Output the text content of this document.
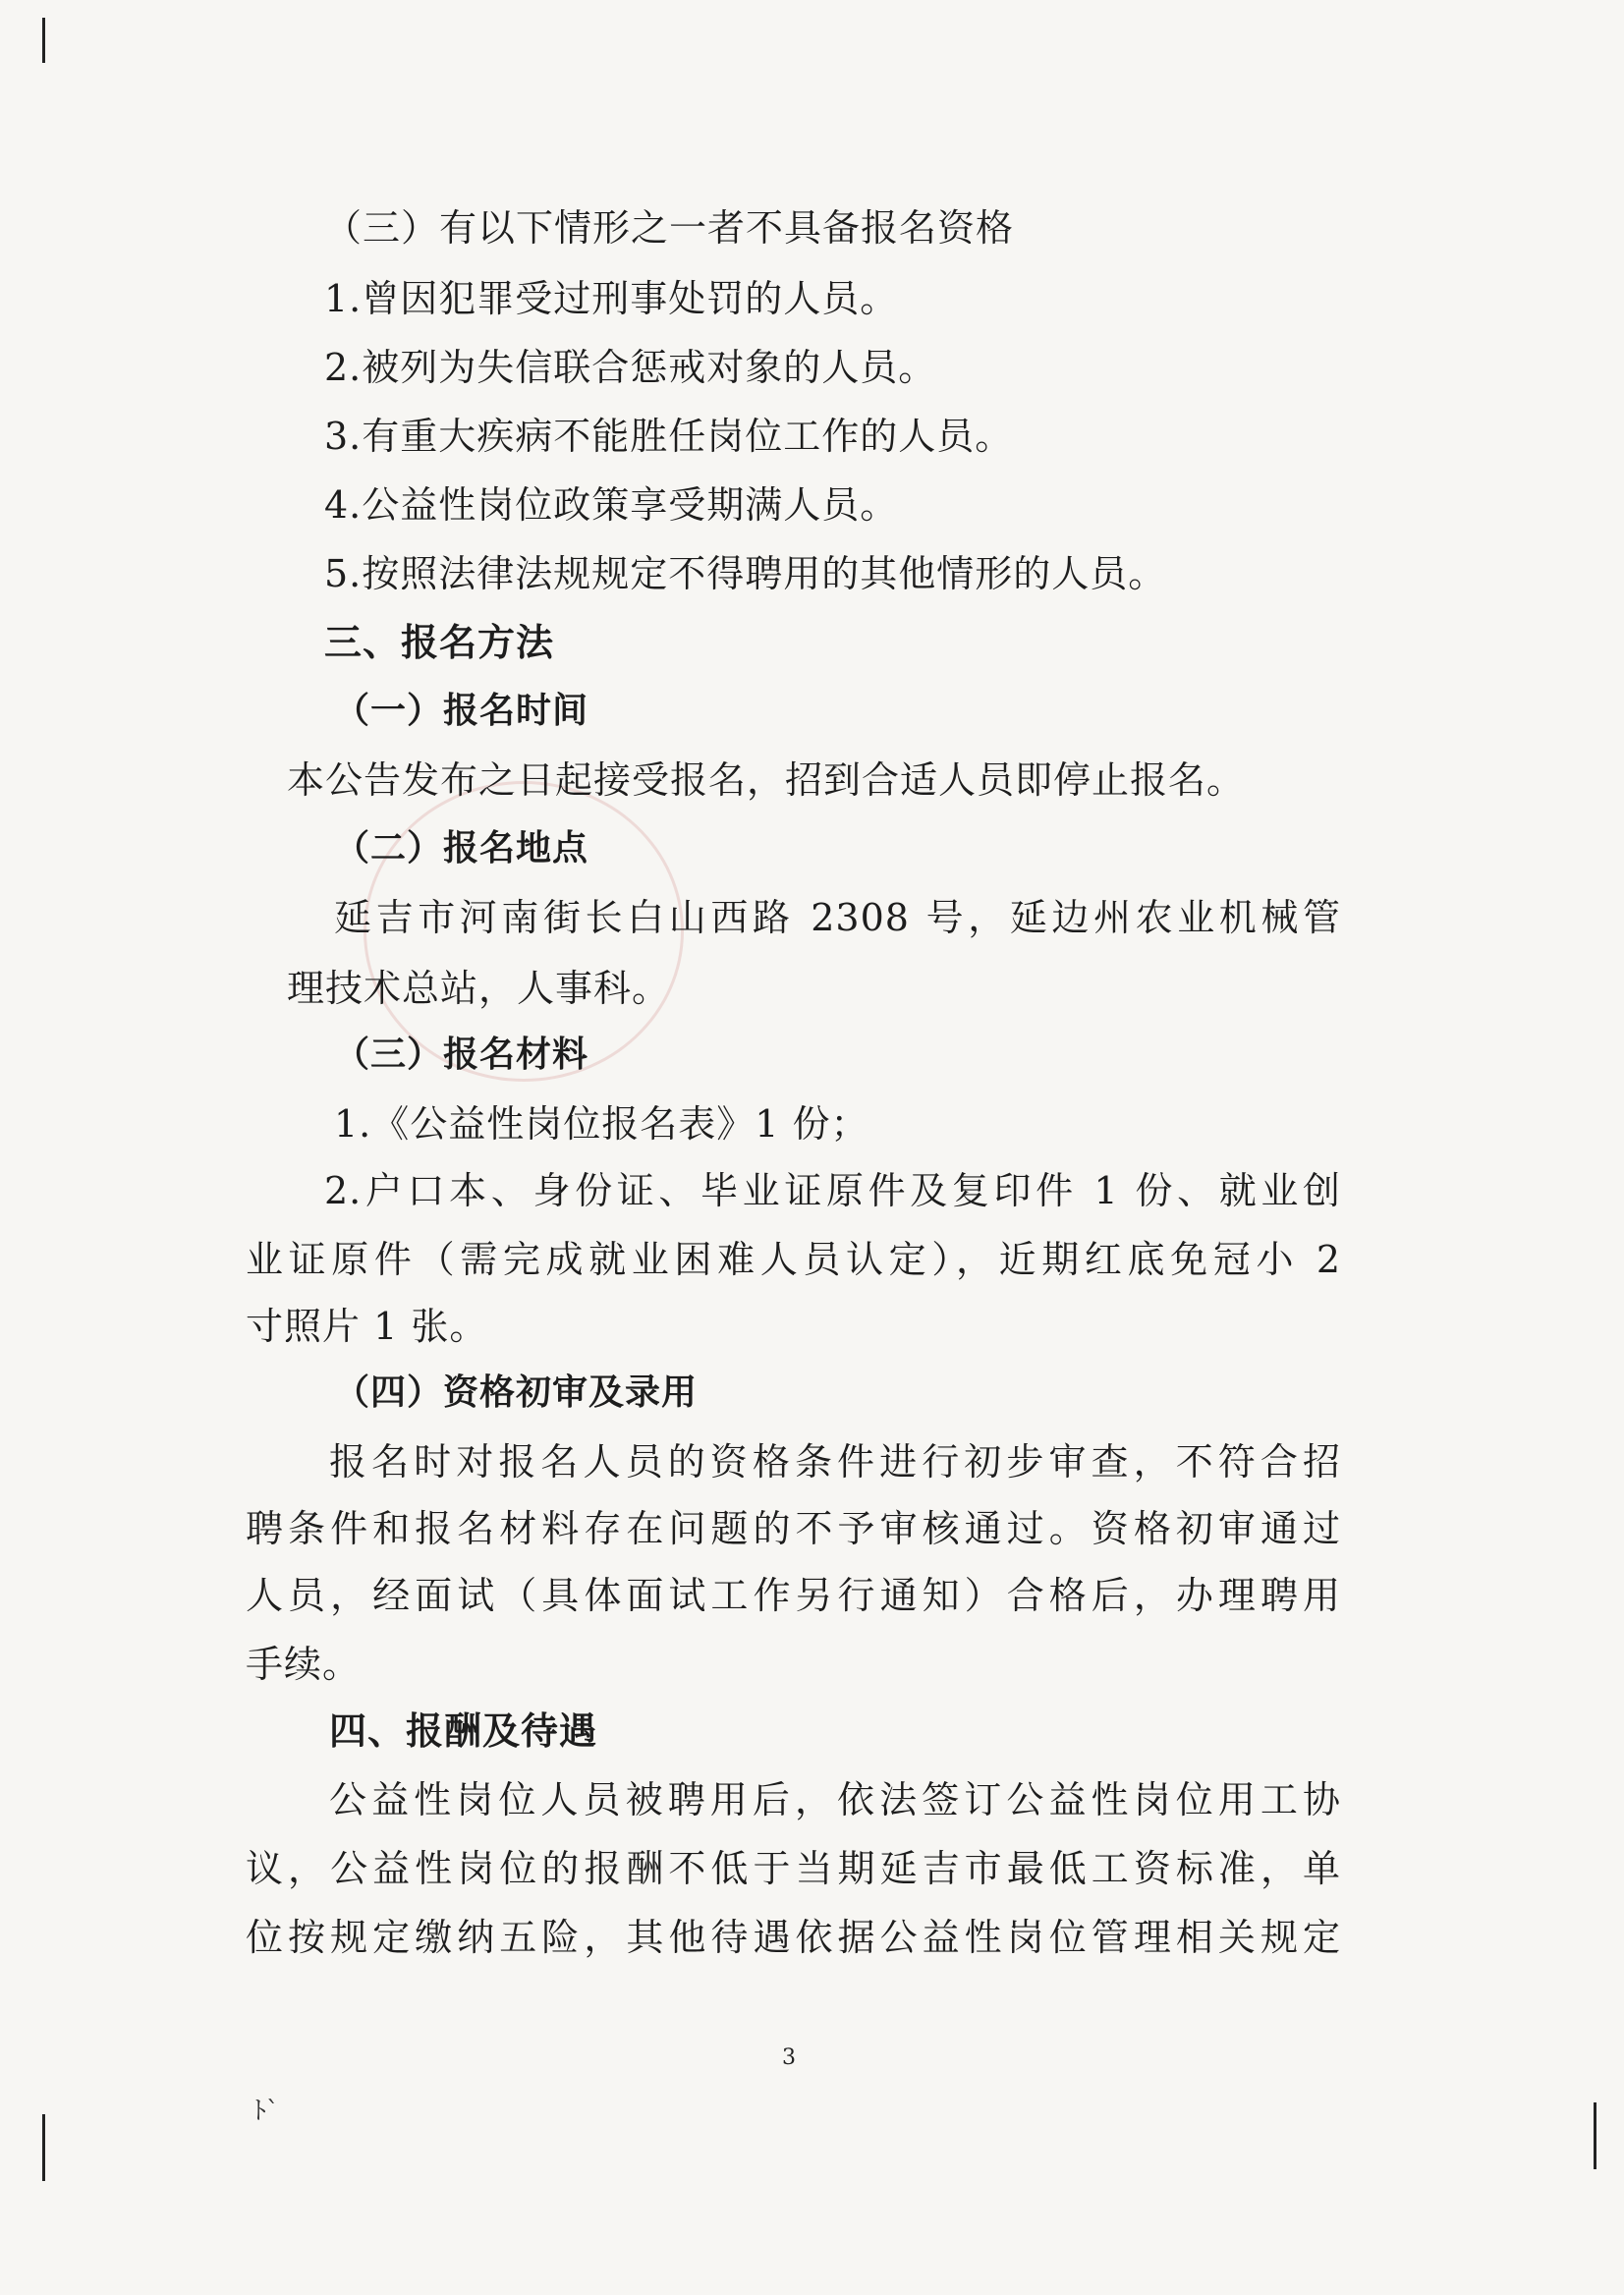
（三）有以下情形之一者不具备报名资格
1.曾因犯罪受过刑事处罚的人员。
2.被列为失信联合惩戒对象的人员。
3.有重大疾病不能胜任岗位工作的人员。
4.公益性岗位政策享受期满人员。
5.按照法律法规规定不得聘用的其他情形的人员。
三、报名方法
（一）报名时间
本公告发布之日起接受报名，招到合适人员即停止报名。
（二）报名地点
延吉市河南街长白山西路 2308 号，延边州农业机械管
理技术总站，人事科。
（三）报名材料
1.《公益性岗位报名表》1 份；
2.户口本、身份证、毕业证原件及复印件 1 份、就业创
业证原件（需完成就业困难人员认定），近期红底免冠小 2
寸照片 1 张。
（四）资格初审及录用
报名时对报名人员的资格条件进行初步审查，不符合招
聘条件和报名材料存在问题的不予审核通过。资格初审通过
人员，经面试（具体面试工作另行通知）合格后，办理聘用
手续。
四、报酬及待遇
公益性岗位人员被聘用后，依法签订公益性岗位用工协
议，公益性岗位的报酬不低于当期延吉市最低工资标准，单
位按规定缴纳五险，其他待遇依据公益性岗位管理相关规定
3
ﾄ`
